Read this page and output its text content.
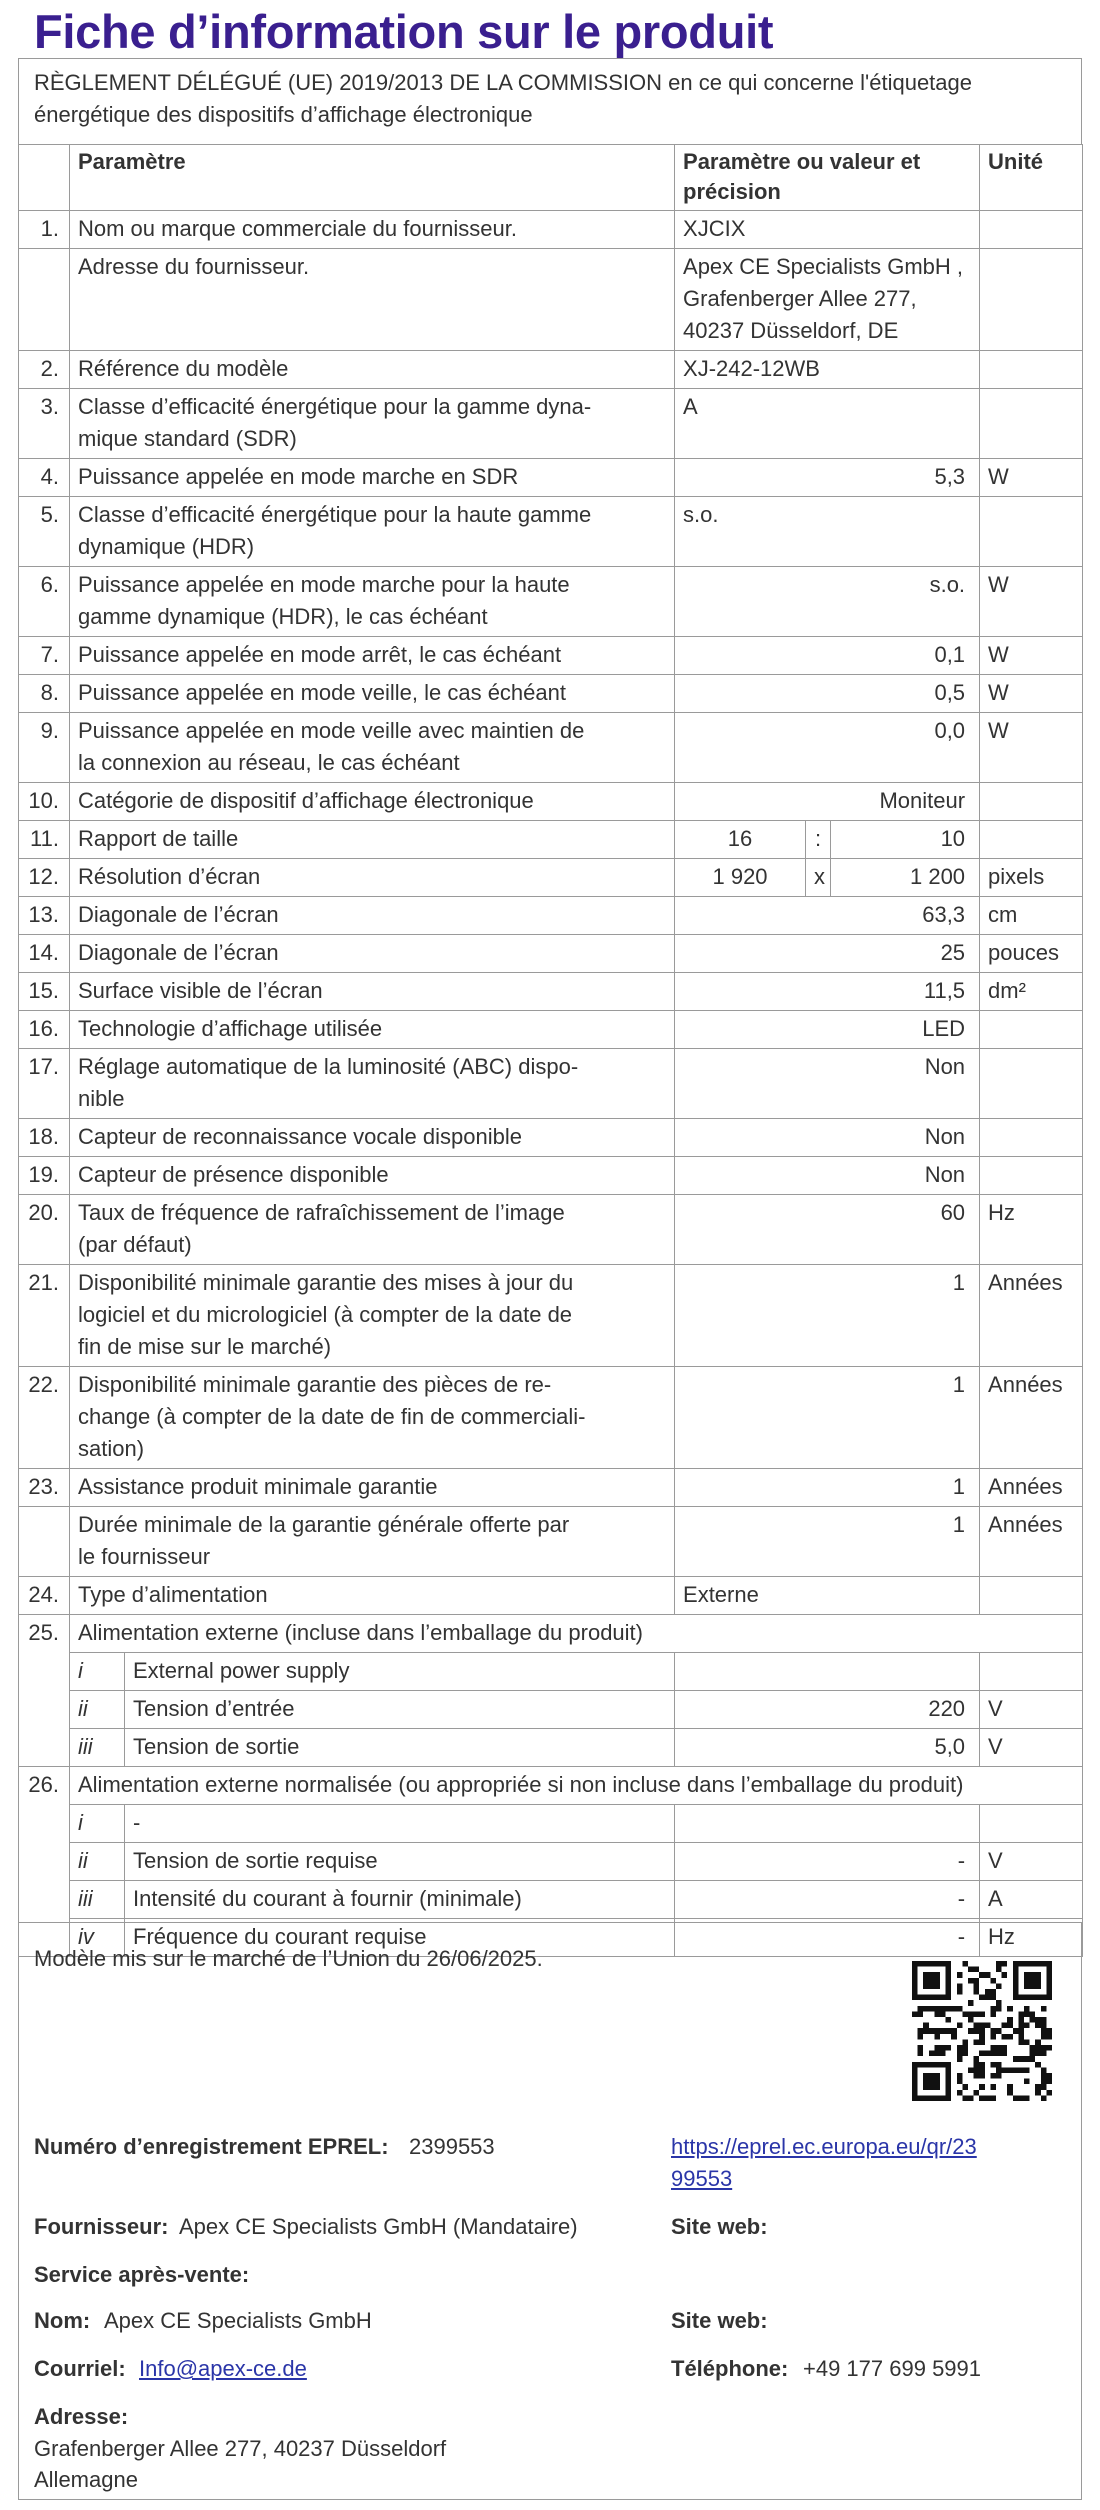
Fiche d’information sur le produit
RÈGLEMENT DÉLÉGUÉ (UE) 2019/2013 DE LA COMMISSION en ce qui concerne l'étiquetage
énergétique des dispositifs d’affichage électronique
	Paramètre		Paramètre ou valeur et
précision			Unité
1.	Nom ou marque commerciale du fournisseur.		XJCIX			
	Adresse du fournisseur.		Apex CE Specialists GmbH ,
Grafenberger Allee 277,
40237 Düsseldorf, DE			
2.	Référence du modèle		XJ-242-12WB			
3.	Classe d’efficacité énergétique pour la gamme dyna-
mique standard (SDR)		A			
4.	Puissance appelée en mode marche en SDR		5,3			W
5.	Classe d’efficacité énergétique pour la haute gamme
dynamique (HDR)		s.o.			
6.	Puissance appelée en mode marche pour la haute
gamme dynamique (HDR), le cas échéant		s.o.			W
7.	Puissance appelée en mode arrêt, le cas échéant		0,1			W
8.	Puissance appelée en mode veille, le cas échéant		0,5			W
9.	Puissance appelée en mode veille avec maintien de
la connexion au réseau, le cas échéant		0,0			W
10.	Catégorie de dispositif d’affichage électronique		Moniteur			
11.	Rapport de taille		16	:	10	
12.	Résolution d’écran		1 920	x	1 200	pixels
13.	Diagonale de l’écran		63,3			cm
14.	Diagonale de l’écran		25			pouces
15.	Surface visible de l’écran		11,5			dm²
16.	Technologie d’affichage utilisée		LED			
17.	Réglage automatique de la luminosité (ABC) dispo-
nible		Non			
18.	Capteur de reconnaissance vocale disponible		Non			
19.	Capteur de présence disponible		Non			
20.	Taux de fréquence de rafraîchissement de l’image
(par défaut)		60			Hz
21.	Disponibilité minimale garantie des mises à jour du
logiciel et du micrologiciel (à compter de la date de
fin de mise sur le marché)		1			Années
22.	Disponibilité minimale garantie des pièces de re-
change (à compter de la date de fin de commerciali-
sation)		1			Années
23.	Assistance produit minimale garantie		1			Années
	Durée minimale de la garantie générale offerte par
le fournisseur		1			Années
24.	Type d’alimentation		Externe			
25.	Alimentation externe (incluse dans l’emballage du produit)					
	i	External power supply				
	ii	Tension d’entrée	220			V
	iii	Tension de sortie	5,0			V
26.	Alimentation externe normalisée (ou appropriée si non incluse dans l’emballage du produit)					
	i	-				
	ii	Tension de sortie requise	-			V
	iii	Intensité du courant à fournir (minimale)	-			A
	iv	Fréquence du courant requise	-			Hz
Modèle mis sur le marché de l’Union du 26/06/2025.
Numéro d’enregistrement EPREL: 2399553	https://eprel.ec.europa.eu/qr/23
99553
Fournisseur: Apex CE Specialists GmbH (Mandataire)	Site web:
Service après-vente:
Nom: Apex CE Specialists GmbH	Site web:
Courriel: Info@apex-ce.de	Téléphone: +49 177 699 5991
Adresse:
Grafenberger Allee 277, 40237 Düsseldorf
Allemagne
